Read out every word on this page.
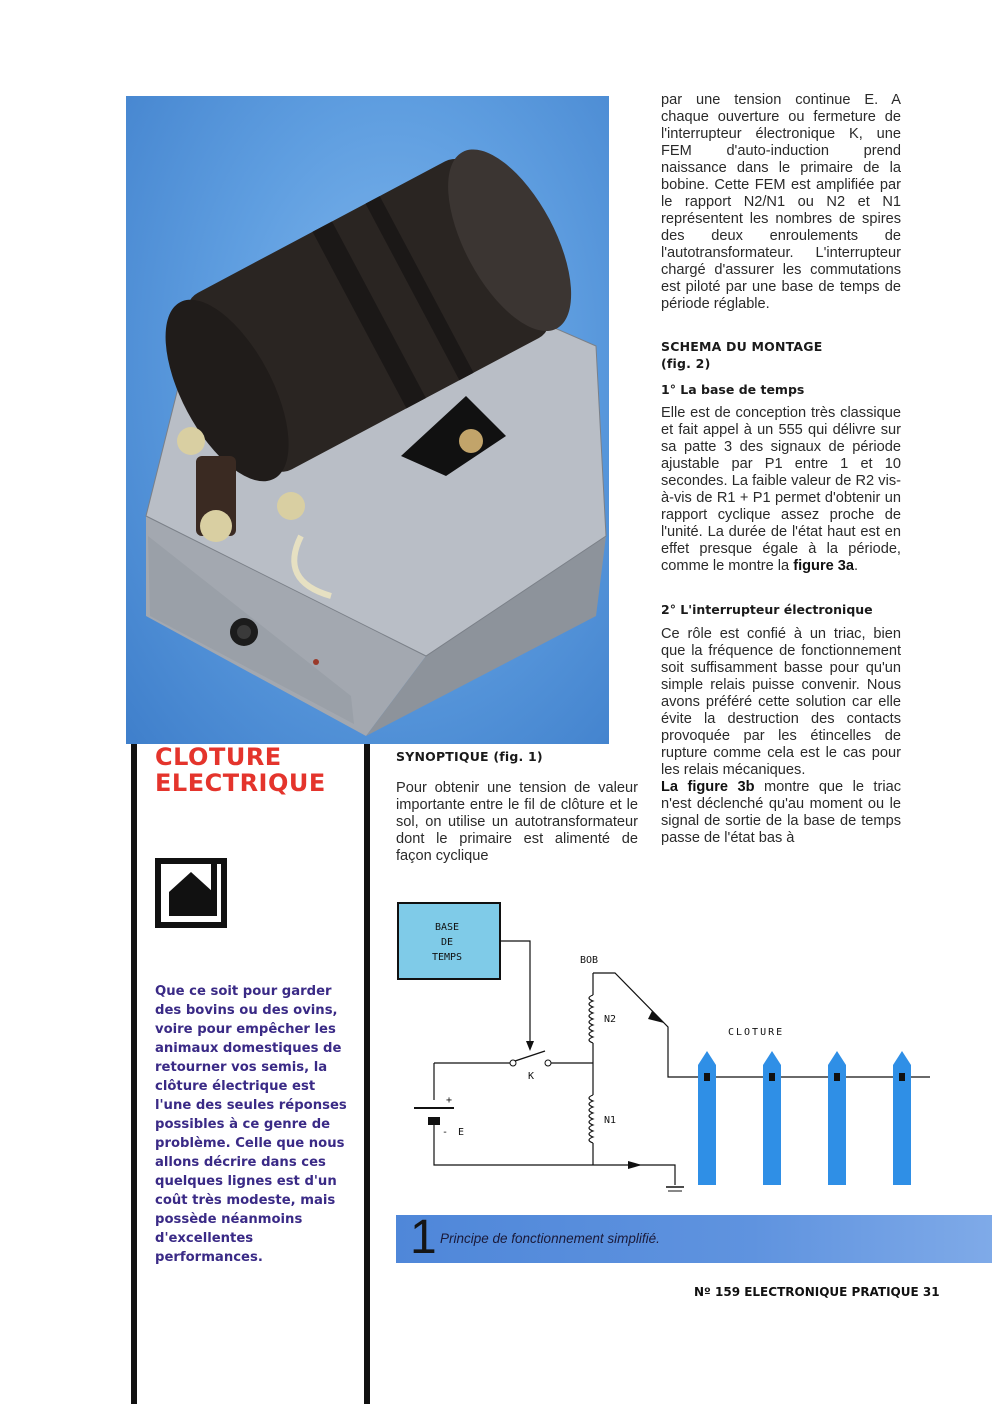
CLOTURE
ELECTRIQUE
Que ce soit pour garder des bovins ou des ovins, voire pour empêcher les animaux domestiques de retourner vos semis, la clôture électrique est l'une des seules réponses possibles à ce genre de problème. Celle que nous allons décrire dans ces quelques lignes est d'un coût très modeste, mais possède néanmoins d'excellentes performances.
SYNOPTIQUE (fig. 1)

Pour obtenir une tension de valeur importante entre le fil de clôture et le sol, on utilise un autotransformateur dont le primaire est alimenté de façon cyclique

par une tension continue E. A chaque ouverture ou fermeture de l'interrupteur électronique K, une FEM d'auto-induction prend naissance dans le primaire de la bobine. Cette FEM est amplifiée par le rapport N2/N1 ou N2 et N1 représentent les nombres de spires des deux enroulements de l'autotransformateur. L'interrupteur chargé d'assurer les commutations est piloté par une base de temps de période réglable.

SCHEMA DU MONTAGE
(fig. 2)
1° La base de temps

Elle est de conception très classique et fait appel à un 555 qui délivre sur sa patte 3 des signaux de période ajustable par P1 entre 1 et 10 secondes. La faible valeur de R2 vis-à-vis de R1 + P1 permet d'obtenir un rapport cyclique assez proche de l'unité. La durée de l'état haut est en effet presque égale à la période, comme le montre la figure 3a.

2° L'interrupteur électronique

Ce rôle est confié à un triac, bien que la fréquence de fonctionnement soit suffisamment basse pour qu'un simple relais puisse convenir. Nous avons préféré cette solution car elle évite la destruction des contacts provoquée par les étincelles de rupture comme cela est le cas pour les relais mécaniques.

La figure 3b montre que le triac n'est déclenché qu'au moment ou le signal de sortie de la base de temps passe de l'état bas à

BASE
DE
TEMPS
+
- E
K
BOB
N2
N1
CLOTURE
1 Principe de fonctionnement simplifié.
Nº 159 ELECTRONIQUE PRATIQUE 31
